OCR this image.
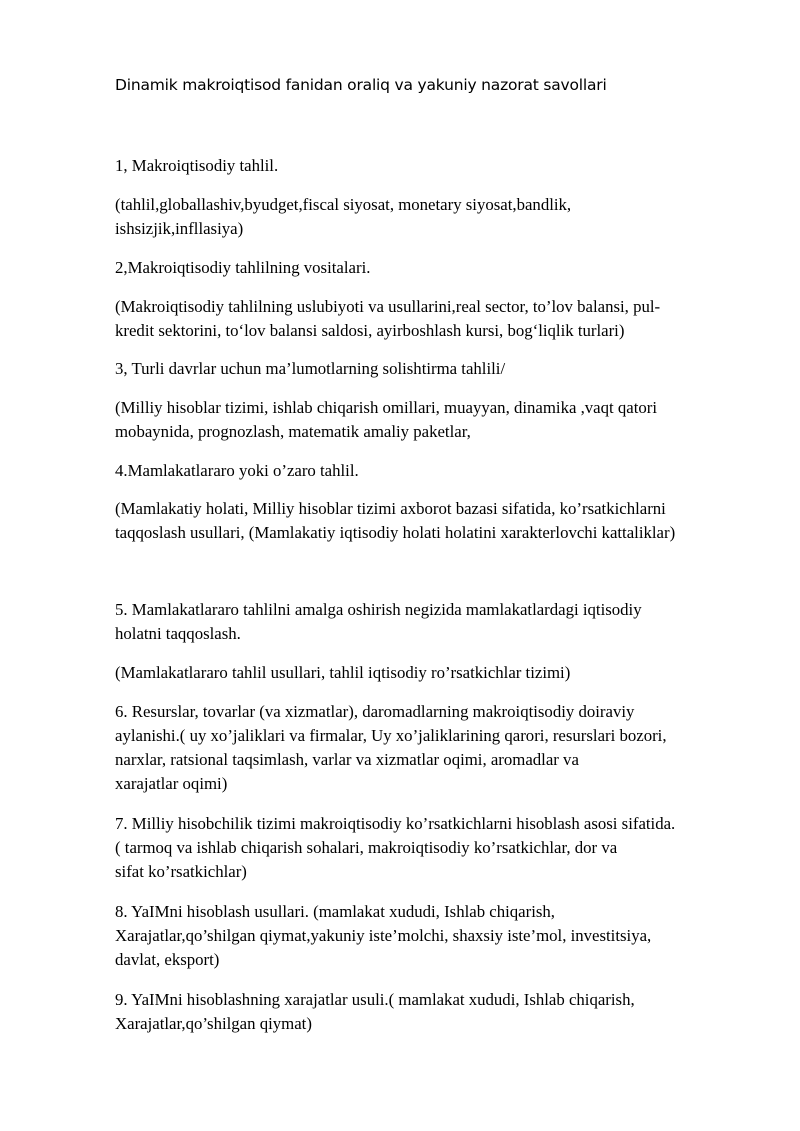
Dinamik makroiqtisod fanidan oraliq va yakuniy nazorat savollari
1, Makroiqtisodiy tahlil.
(tahlil,globallashiv,byudget,fiscal siyosat, monetary siyosat,bandlik,
ishsizjik,infllasiya)
2,Makroiqtisodiy tahlilning vositalari.
(Makroiqtisodiy tahlilning uslubiyoti va usullarini,real sector, to’lov balansi, pul-
kredit sektorini, to‘lov balansi saldosi, ayirboshlash kursi, bog‘liqlik turlari)
3, Turli davrlar uchun ma’lumotlarning solishtirma tahlili/
(Milliy hisoblar tizimi, ishlab chiqarish omillari, muayyan, dinamika ,vaqt qatori
mobaynida, prognozlash, matematik amaliy paketlar,
4.Mamlakatlararo yoki o’zaro tahlil.
(Mamlakatiy holati, Milliy hisoblar tizimi axborot bazasi sifatida, ko’rsatkichlarni
taqqoslash usullari, (Mamlakatiy iqtisodiy holati holatini xarakterlovchi kattaliklar)
5. Mamlakatlararo tahlilni amalga oshirish negizida mamlakatlardagi iqtisodiy
holatni taqqoslash.
(Mamlakatlararo tahlil usullari, tahlil iqtisodiy ro’rsatkichlar tizimi)
6. Resurslar, tovarlar (va xizmatlar), daromadlarning makroiqtisodiy doiraviy
aylanishi.( uy xo’jaliklari va firmalar, Uy xo’jaliklarining qarori, resurslari bozori,
narxlar, ratsional taqsimlash, varlar va xizmatlar oqimi, aromadlar va
xarajatlar oqimi)
7. Milliy hisobchilik tizimi makroiqtisodiy ko’rsatkichlarni hisoblash asosi sifatida.
( tarmoq va ishlab chiqarish sohalari, makroiqtisodiy ko’rsatkichlar, dor va
sifat ko’rsatkichlar)
8. YaIMni hisoblash usullari. (mamlakat xududi, Ishlab chiqarish,
Xarajatlar,qo’shilgan qiymat,yakuniy iste’molchi, shaxsiy iste’mol, investitsiya,
davlat, eksport)
9. YaIMni hisoblashning xarajatlar usuli.( mamlakat xududi, Ishlab chiqarish,
Xarajatlar,qo’shilgan qiymat)
